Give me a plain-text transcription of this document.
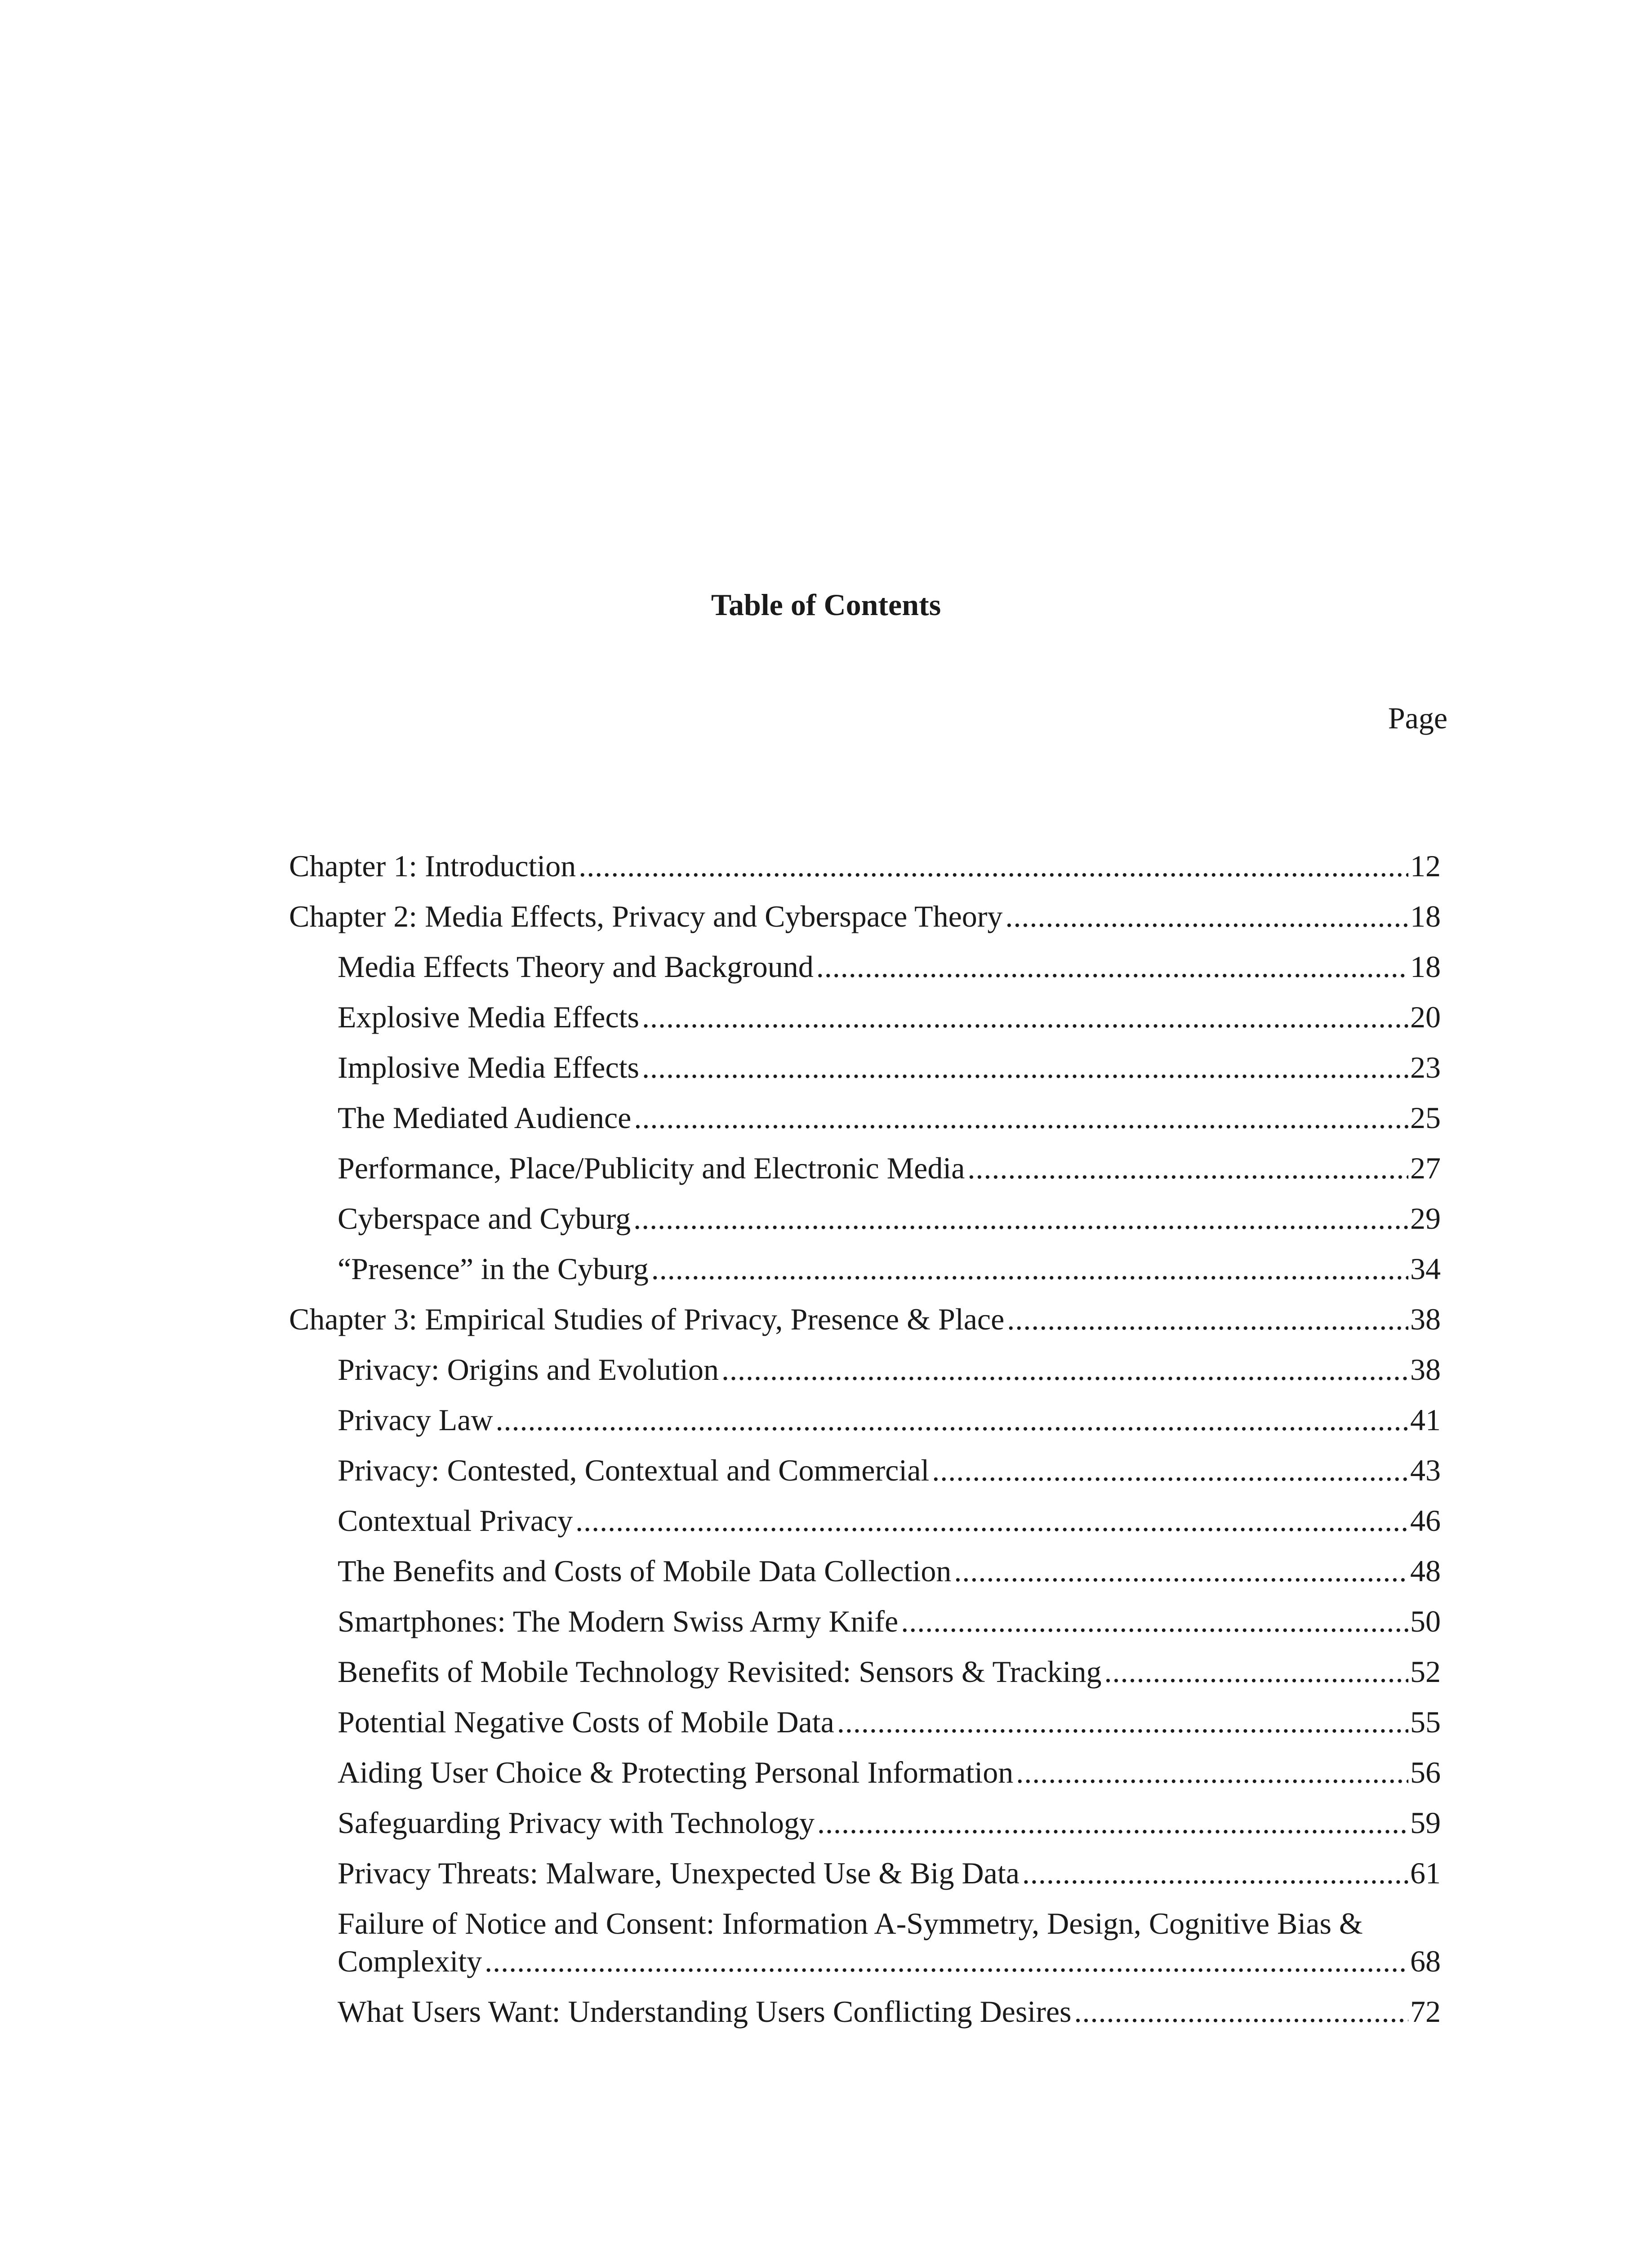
Table of Contents
Page
Chapter 1: Introduction .....	12
Chapter 2: Media Effects, Privacy and Cyberspace Theory .....	18
Media Effects Theory and Background .....	18
Explosive Media Effects .....	20
Implosive Media Effects .....	23
The Mediated Audience .....	25
Performance, Place/Publicity and Electronic Media .....	27
Cyberspace and Cyburg .....	29
“Presence” in the Cyburg .....	34
Chapter 3: Empirical Studies of Privacy, Presence & Place .....	38
Privacy: Origins and Evolution .....	38
Privacy Law .....	41
Privacy: Contested, Contextual and Commercial .....	43
Contextual Privacy .....	46
The Benefits and Costs of Mobile Data Collection .....	48
Smartphones: The Modern Swiss Army Knife .....	50
Benefits of Mobile Technology Revisited: Sensors & Tracking .....	52
Potential Negative Costs of Mobile Data .....	55
Aiding User Choice & Protecting Personal Information .....	56
Safeguarding Privacy with Technology .....	59
Privacy Threats: Malware, Unexpected Use & Big Data .....	61
Failure of Notice and Consent: Information A-Symmetry, Design, Cognitive Bias &
Complexity .....	68
What Users Want: Understanding Users Conflicting Desires .....	72
